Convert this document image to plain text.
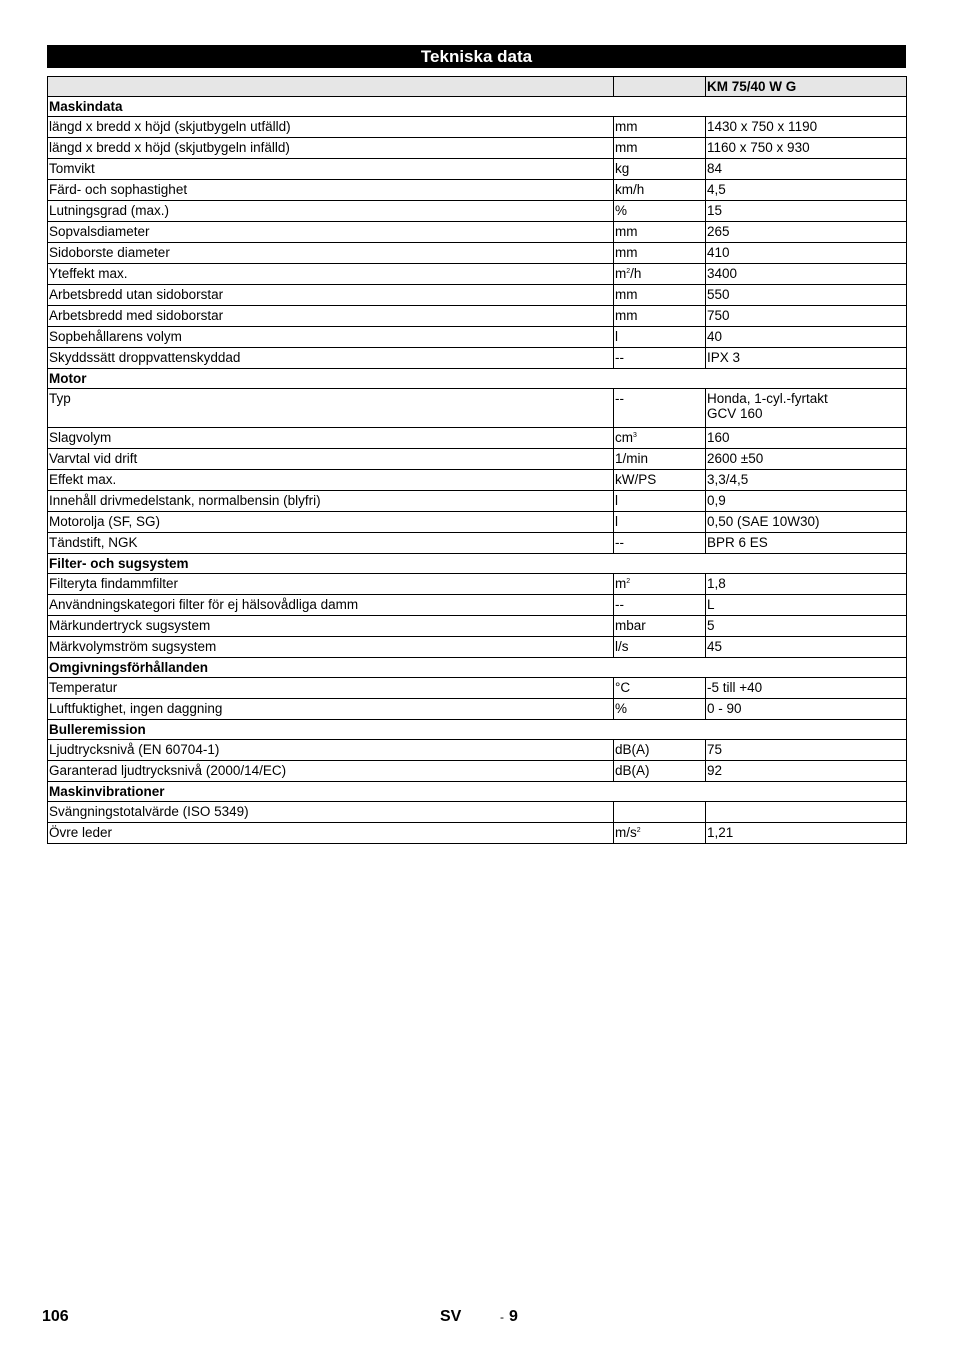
Tekniska data
		KM 75/40 W G
Maskindata		
längd x bredd x höjd (skjutbygeln utfälld)	mm	1430 x 750 x 1190

längd x bredd x höjd (skjutbygeln infälld)	mm	1160 x 750 x 930

Tomvikt	kg	84

Färd- och sophastighet	km/h	4,5

Lutningsgrad (max.)	%	15

Sopvalsdiameter	mm	265

Sidoborste diameter	mm	410

Yteffekt max.	$m^2/h$	3400

Arbetsbredd utan sidoborstar	mm	550

Arbetsbredd med sidoborstar	mm	750

Sopbehållarens volym	l	40

Skyddssätt droppvattenskyddad	--	IPX 3

Motor		
Typ	--	Honda, 1-cyl.-fyrtakt
GCV 160

Slagvolym	$cm^3$	160

Varvtal vid drift	1/min	2600 ±50

Effekt max.	kW/PS	3,3/4,5

Innehåll drivmedelstank, normalbensin (blyfri)	l	0,9

Motorolja (SF, SG)	l	0,50 (SAE 10W30)

Tändstift, NGK	--	BPR 6 ES

Filter- och sugsystem		
Filteryta findammfilter	$m^2$	1,8

Användningskategori filter för ej hälsovådliga damm	--	L

Märkundertryck sugsystem	mbar	5

Märkvolymström sugsystem	l/s	45

Omgivningsförhållanden		
Temperatur	°C	-5 till +40

Luftfuktighet, ingen daggning	%	0 - 90

Bulleremission		
Ljudtrycksnivå (EN 60704-1)	dB(A)	75

Garanterad ljudtrycksnivå (2000/14/EC)	dB(A)	92

Maskinvibrationer		
Svängningstotalvärde (ISO 5349)		

Övre leder	$m/s^2$	1,21
106	SV	- 9
